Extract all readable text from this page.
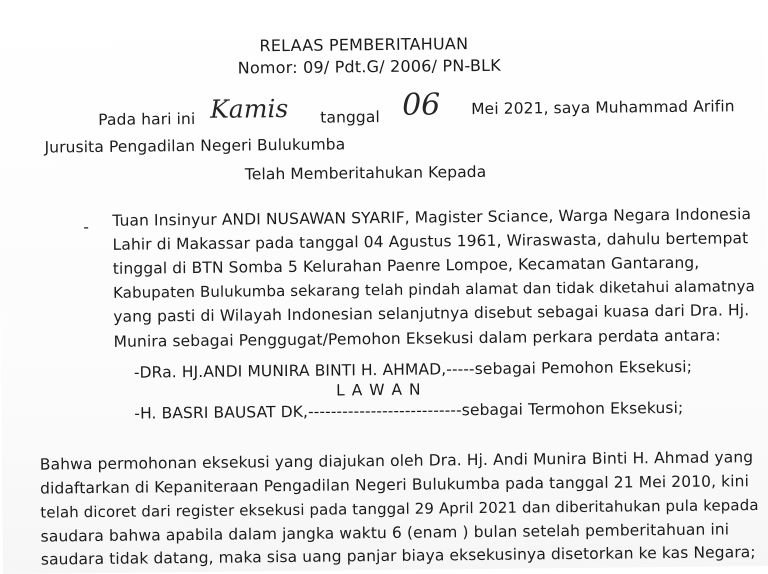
RELAAS PEMBERITAHUAN
Nomor: 09/ Pdt.G/ 2006/ PN-BLK
Pada hari ini Kamis tanggal 06 Mei 2021, saya Muhammad Arifin
Jurusita Pengadilan Negeri Bulukumba
Telah Memberitahukan Kepada
- Tuan Insinyur ANDI NUSAWAN SYARIF, Magister Sciance, Warga Negara Indonesia
Lahir di Makassar pada tanggal 04 Agustus 1961, Wiraswasta, dahulu bertempat
tinggal di BTN Somba 5 Kelurahan Paenre Lompoe, Kecamatan Gantarang,
Kabupaten Bulukumba sekarang telah pindah alamat dan tidak diketahui alamatnya
yang pasti di Wilayah Indonesian selanjutnya disebut sebagai kuasa dari Dra. Hj.
Munira sebagai Penggugat/Pemohon Eksekusi dalam perkara perdata antara:
-DRa. HJ.ANDI MUNIRA BINTI H. AHMAD,-----sebagai Pemohon Eksekusi;
L A W A N
-H. BASRI BAUSAT DK,---------------------------sebagai Termohon Eksekusi;
Bahwa permohonan eksekusi yang diajukan oleh Dra. Hj. Andi Munira Binti H. Ahmad yang
didaftarkan di Kepaniteraan Pengadilan Negeri Bulukumba pada tanggal 21 Mei 2010, kini
telah dicoret dari register eksekusi pada tanggal 29 April 2021 dan diberitahukan pula kepada
saudara bahwa apabila dalam jangka waktu 6 (enam ) bulan setelah pemberitahuan ini
saudara tidak datang, maka sisa uang panjar biaya eksekusinya disetorkan ke kas Negara;
